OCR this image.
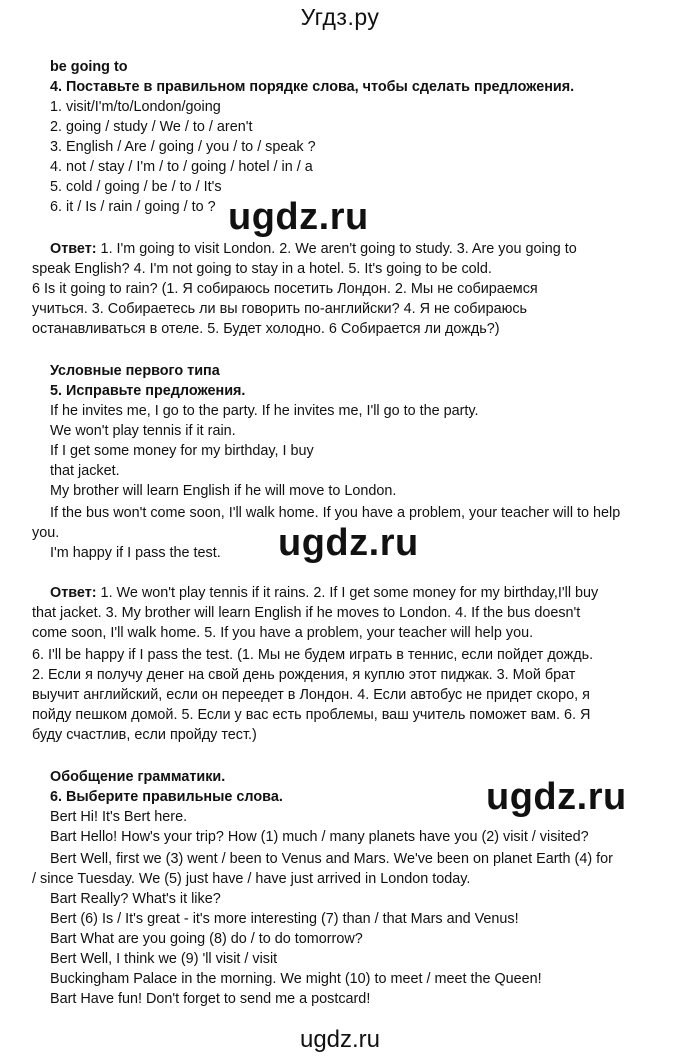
Угдз.ру
be going to
4. Поставьте в правильном порядке слова, чтобы сделать предложения.
1. visit/I'm/to/London/going
2. going / study / We / to / aren't
3. English / Are / going / you / to / speak ?
4. not / stay / I'm / to / going / hotel / in / a
5. cold / going / be / to / It's
6. it / Is / rain / going / to ? ugdz.ru
Ответ: 1. I'm going to visit London. 2. We aren't going to study. 3. Are you going to
speak English? 4. I'm not going to stay in a hotel. 5. It's going to be cold.
6 Is it going to rain? (1. Я собираюсь посетить Лондон. 2. Мы не собираемся
учиться. 3. Собираетесь ли вы говорить по-английски? 4. Я не собираюсь
останавливаться в отеле. 5. Будет холодно. 6 Собирается ли дождь?)
Условные первого типа
5. Исправьте предложения.
If he invites me, I go to the party. If he invites me, I'll go to the party.
We won't play tennis if it rain.
If I get some money for my birthday, I buy
that jacket.
My brother will learn English if he will move to London.
If the bus won't come soon, I'll walk home. If you have a problem, your teacher will to help
you.
I'm happy if I pass the test. ugdz.ru
Ответ: 1. We won't play tennis if it rains. 2. If I get some money for my birthday,I'll buy
that jacket. 3. My brother will learn English if he moves to London. 4. If the bus doesn't
come soon, I'll walk home. 5. If you have a problem, your teacher will help you.
6. I'll be happy if I pass the test. (1. Мы не будем играть в теннис, если пойдет дождь.
2. Если я получу денег на свой день рождения, я куплю этот пиджак. 3. Мой брат
выучит английский, если он переедет в Лондон. 4. Если автобус не придет скоро, я
пойду пешком домой. 5. Если у вас есть проблемы, ваш учитель поможет вам. 6. Я
буду счастлив, если пройду тест.)
Обобщение грамматики.
6. Выберите правильные слова.	ugdz.ru
Bert Hi! It's Bert here.
Bart Hello! How's your trip? How (1) much / many planets have you (2) visit / visited?
Bert Well, first we (3) went / been to Venus and Mars. We've been on planet Earth (4) for
/ since Tuesday. We (5) just have / have just arrived in London today.
Bart Really? What's it like?
Bert (6) Is / It's great - it's more interesting (7) than / that Mars and Venus!
Bart What are you going (8) do / to do tomorrow?
Bert Well, I think we (9) 'll visit / visit
Buckingham Palace in the morning. We might (10) to meet / meet the Queen!
Bart Have fun! Don't forget to send me a postcard!
ugdz.ru
